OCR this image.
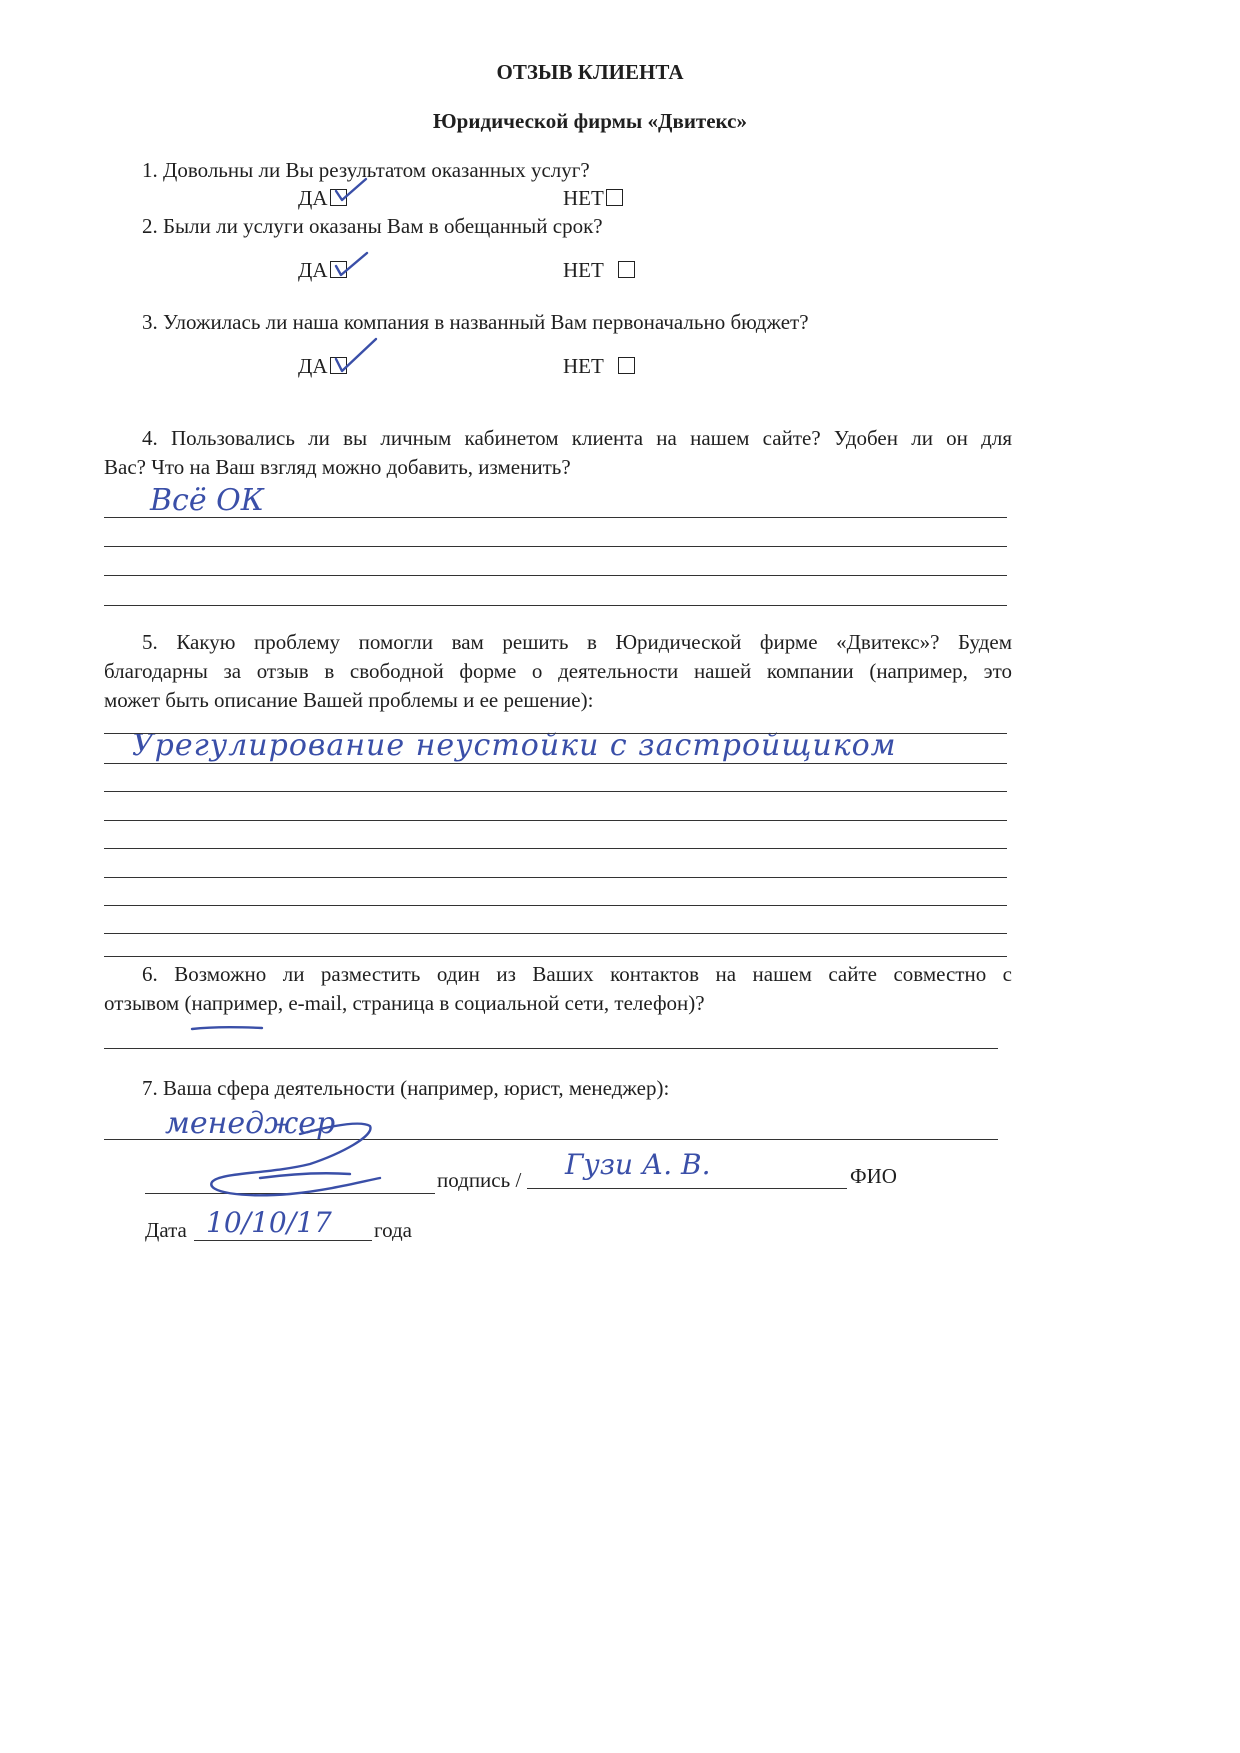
ОТЗЫВ КЛИЕНТА
Юридической фирмы «Двитекс»
1. Довольны ли Вы результатом оказанных услуг?
ДА	НЕТ
2. Были ли услуги оказаны Вам в обещанный срок?
ДА	НЕТ
3. Уложилась ли наша компания в названный Вам первоначально бюджет?
ДА	НЕТ
4. Пользовались ли вы личным кабинетом клиента на нашем сайте? Удобен ли он для
Вас? Что на Ваш взгляд можно добавить, изменить?
Всё ОК
5. Какую проблему помогли вам решить в Юридической фирме «Двитекс»? Будем
благодарны за отзыв в свободной форме о деятельности нашей компании (например, это
может быть описание Вашей проблемы и ее решение):
Урегулирование неустойки с застройщиком
6. Возможно ли разместить один из Ваших контактов на нашем сайте совместно с
отзывом (например, e-mail, страница в социальной сети, телефон)?
7. Ваша сфера деятельности (например, юрист, менеджер):
менеджер
подпись / Гузи А. В.	ФИО
Дата 10/10/17 года
